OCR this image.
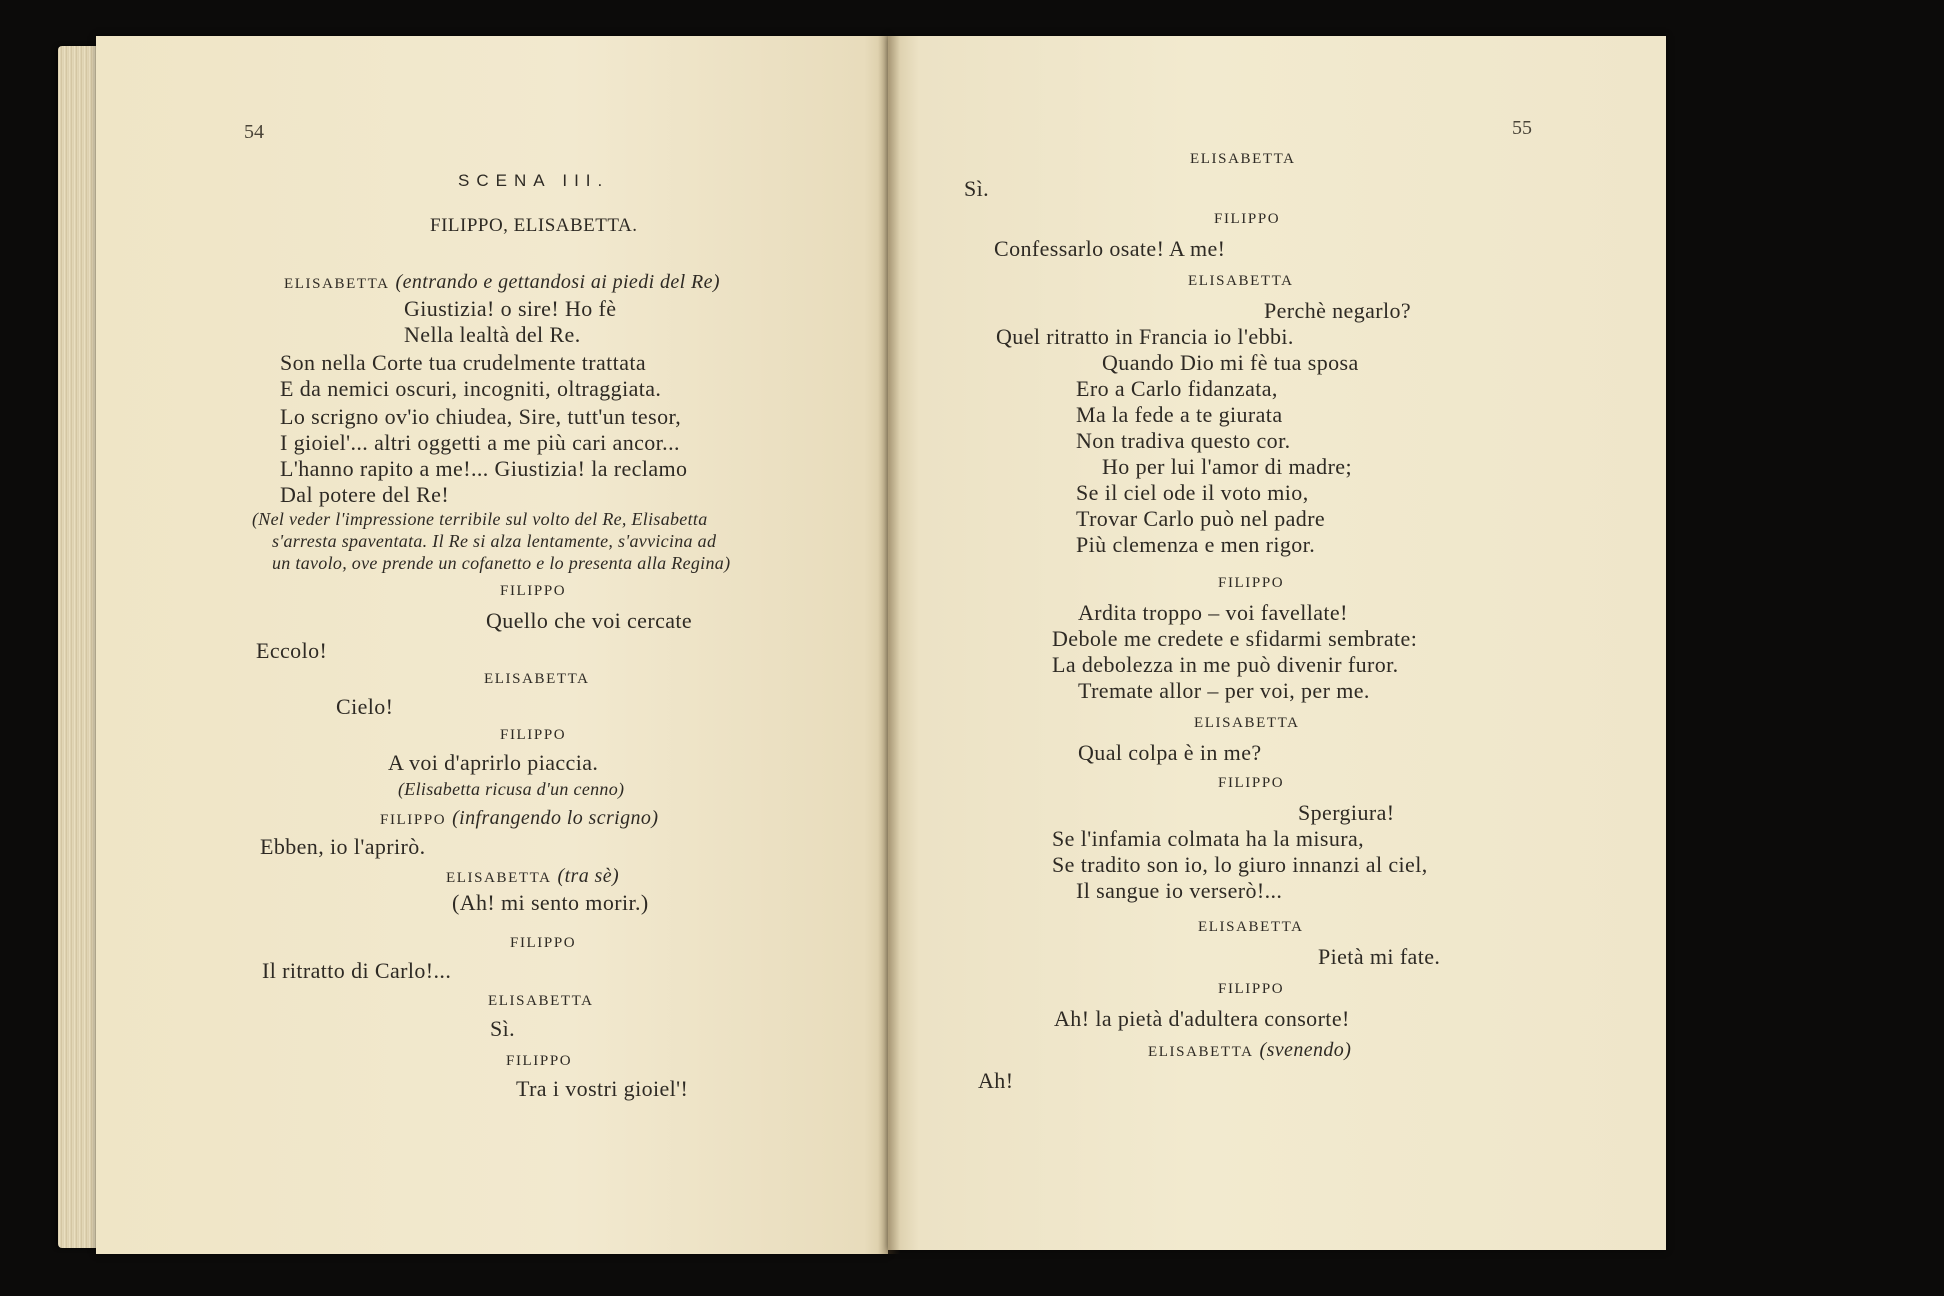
54
SCENA III.
FILIPPO, ELISABETTA.
ELISABETTA (entrando e gettandosi ai piedi del Re)
Giustizia! o sire! Ho fè
Nella lealtà del Re.
Son nella Corte tua crudelmente trattata
E da nemici oscuri, incogniti, oltraggiata.
Lo scrigno ov'io chiudea, Sire, tutt'un tesor,
I gioiel'... altri oggetti a me più cari ancor...
L'hanno rapito a me!... Giustizia! la reclamo
Dal potere del Re!
(Nel veder l'impressione terribile sul volto del Re, Elisabetta
s'arresta spaventata. Il Re si alza lentamente, s'avvicina ad
un tavolo, ove prende un cofanetto e lo presenta alla Regina)
FILIPPO
Quello che voi cercate
Eccolo!
ELISABETTA
Cielo!
FILIPPO
A voi d'aprirlo piaccia.
(Elisabetta ricusa d'un cenno)
FILIPPO (infrangendo lo scrigno)
Ebben, io l'aprirò.
ELISABETTA (tra sè)
(Ah! mi sento morir.)
FILIPPO
Il ritratto di Carlo!...
ELISABETTA
Sì.
FILIPPO
Tra i vostri gioiel'!
55
ELISABETTA
Sì.
FILIPPO
Confessarlo osate! A me!
ELISABETTA
Perchè negarlo?
Quel ritratto in Francia io l'ebbi.
Quando Dio mi fè tua sposa
Ero a Carlo fidanzata,
Ma la fede a te giurata
Non tradiva questo cor.
Ho per lui l'amor di madre;
Se il ciel ode il voto mio,
Trovar Carlo può nel padre
Più clemenza e men rigor.
FILIPPO
Ardita troppo – voi favellate!
Debole me credete e sfidarmi sembrate:
La debolezza in me può divenir furor.
Tremate allor – per voi, per me.
ELISABETTA
Qual colpa è in me?
FILIPPO
Spergiura!
Se l'infamia colmata ha la misura,
Se tradito son io, lo giuro innanzi al ciel,
Il sangue io verserò!...
ELISABETTA
Pietà mi fate.
FILIPPO
Ah! la pietà d'adultera consorte!
ELISABETTA (svenendo)
Ah!
